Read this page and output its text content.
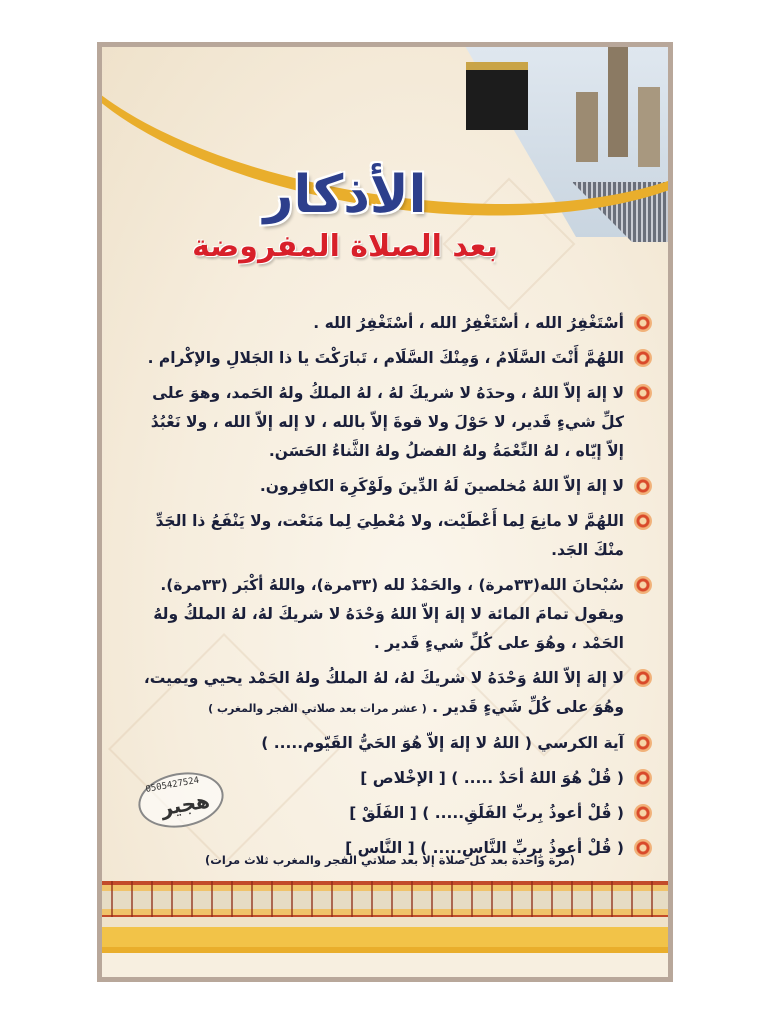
الأذكار
بعد الصلاة المفروضة
أسْتَغْفِرُ الله ، أسْتَغْفِرُ الله ، أسْتَغْفِرُ الله .
اللهُمَّ أَنْتَ السَّلَامُ ، وَمِنْكَ السَّلَام ، تَبارَكْتَ يا ذا الجَلالِ والإكْرام .
لا إلهَ إلاّ اللهُ ، وحدَهُ لا شريكَ لهُ ، لهُ الملكُ ولهُ الحَمد، وهوَ على كلِّ شيءٍ قَدير، لا حَوْلَ ولا قوةَ إلاّ بالله ، لا إله إلاّ الله ، ولا نَعْبُدُ إلاّ إيّاه ، لهُ النِّعْمَةُ ولهُ الفضلُ ولهُ الثَّناءُ الحَسَن.
لا إلهَ إلاّ اللهُ مُخلصينَ لَهُ الدِّينَ ولَوْكَرِهَ الكافِرون.
اللهُمَّ لا مانِعَ لِما أَعْطَيْت، ولا مُعْطِيَ لِما مَنَعْت، ولا يَنْفَعُ ذا الجَدِّ منْكَ الجَد.
سُبْحانَ الله(٣٣مرة) ، والحَمْدُ لله (٣٣مرة)، واللهُ أكْبَر (٣٣مرة). ويقول تمامَ المائة لا إلهَ إلاّ اللهُ وَحْدَهُ لا شريكَ لهُ، لهُ الملكُ ولهُ الحَمْد ، وهُوَ على كُلِّ شيءٍ قَدير .
لا إلهَ إلاّ اللهُ وَحْدَهُ لا شريكَ لهُ، لهُ الملكُ ولهُ الحَمْد يحيي ويميت، وهُوَ على كُلِّ شَيءٍ قَدير . ( عشر مرات بعد صلاتي الفجر والمغرب )
آية الكرسي ( اللهُ لا إلهَ إلاّ هُوَ الحَيُّ القَيّوم..... )
( قُلْ هُوَ اللهُ أحَدٌ ..... ) [ الإخْلاص ]
( قُلْ أعوذُ بِربِّ الفَلَقِ..... ) [ الفَلَقْ ]
( قُلْ أعوذُ بِربِّ النَّاسِ..... ) [ النَّاس ]
0505427524
هجير
(مرة واحدة بعد كل صلاة إلا بعد صلاتي الفجر والمغرب ثلاث مرات)
